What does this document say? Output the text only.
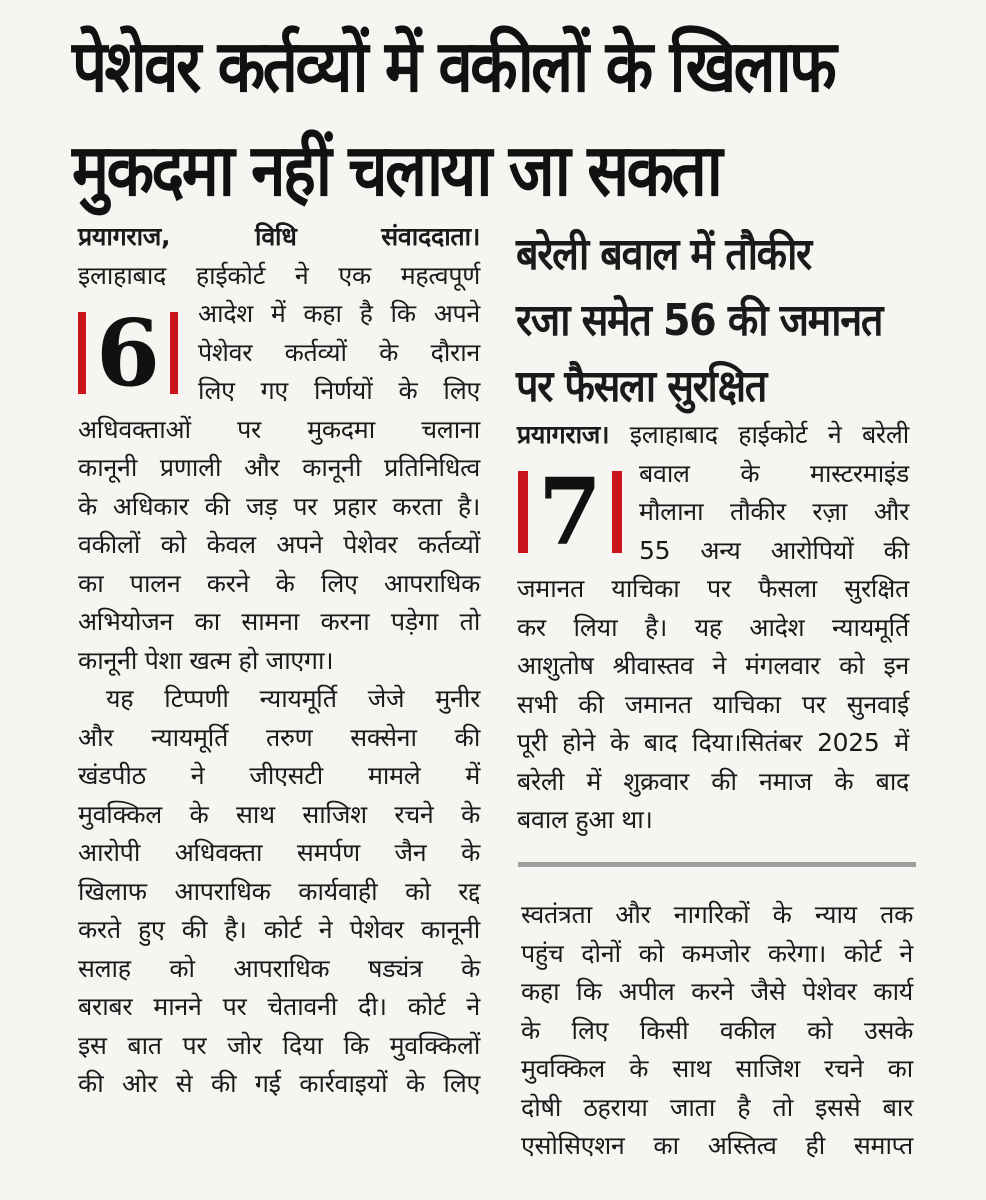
पेशेवर कर्तव्यों में वकीलों के खिलाफ
मुकदमा नहीं चलाया जा सकता

प्रयागराज, विधि संवाददाता।

इलाहाबाद हाईकोर्ट ने एक महत्वपूर्ण

आदेश में कहा है कि अपने

पेशेवर कर्तव्यों के दौरान

लिए गए निर्णयों के लिए

अधिवक्ताओं पर मुकदमा चलाना

कानूनी प्रणाली और कानूनी प्रतिनिधित्व

के अधिकार की जड़ पर प्रहार करता है।

वकीलों को केवल अपने पेशेवर कर्तव्यों

का पालन करने के लिए आपराधिक

अभियोजन का सामना करना पड़ेगा तो

कानूनी पेशा खत्म हो जाएगा।

यह टिप्पणी न्यायमूर्ति जेजे मुनीर

और न्यायमूर्ति तरुण सक्सेना की

खंडपीठ ने जीएसटी मामले में

मुवक्किल के साथ साजिश रचने के

आरोपी अधिवक्ता समर्पण जैन के

खिलाफ आपराधिक कार्यवाही को रद्द

करते हुए की है। कोर्ट ने पेशेवर कानूनी

सलाह को आपराधिक षड्यंत्र के

बराबर मानने पर चेतावनी दी। कोर्ट ने

इस बात पर जोर दिया कि मुवक्किलों

की ओर से की गई कार्रवाइयों के लिए

6
बरेली बवाल में तौकीर
रजा समेत 56 की जमानत
पर फैसला सुरक्षित

प्रयागराज। इलाहाबाद हाईकोर्ट ने बरेली

बवाल के मास्टरमाइंड

मौलाना तौकीर रज़ा और

55 अन्य आरोपियों की

जमानत याचिका पर फैसला सुरक्षित

कर लिया है। यह आदेश न्यायमूर्ति

आशुतोष श्रीवास्तव ने मंगलवार को इन

सभी की जमानत याचिका पर सुनवाई

पूरी होने के बाद दिया।सितंबर 2025 में

बरेली में शुक्रवार की नमाज के बाद

बवाल हुआ था।

7

स्वतंत्रता और नागरिकों के न्याय तक

पहुंच दोनों को कमजोर करेगा। कोर्ट ने

कहा कि अपील करने जैसे पेशेवर कार्य

के लिए किसी वकील को उसके

मुवक्किल के साथ साजिश रचने का

दोषी ठहराया जाता है तो इससे बार

एसोसिएशन का अस्तित्व ही समाप्त
